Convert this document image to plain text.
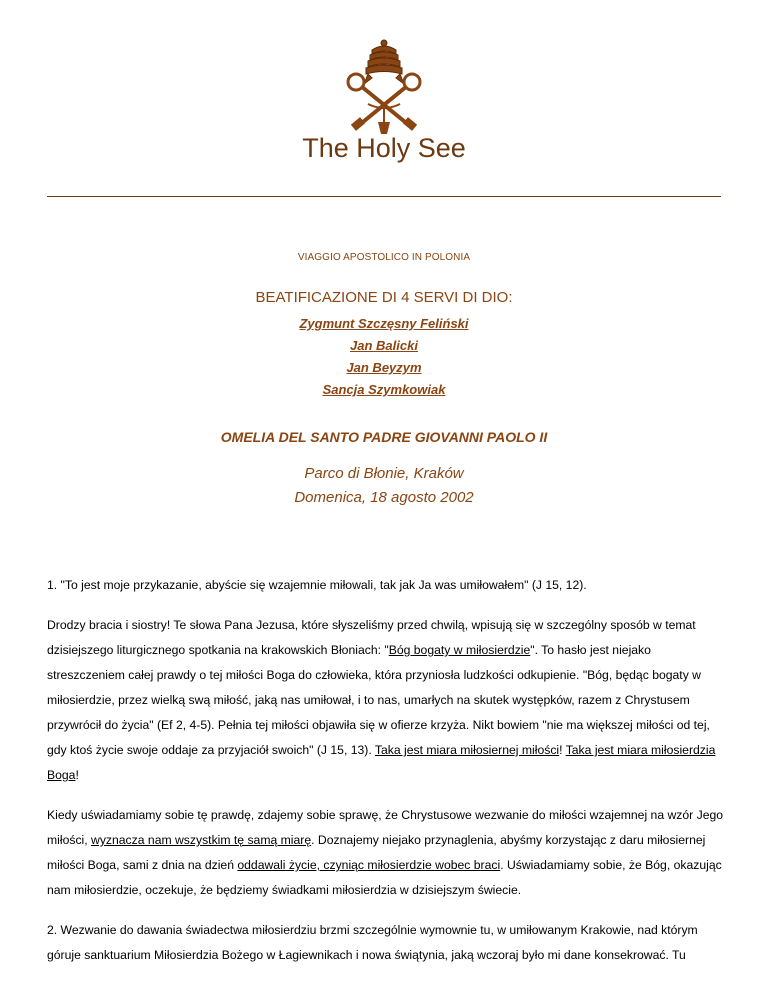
The Holy See
VIAGGIO APOSTOLICO IN POLONIA
BEATIFICAZIONE DI 4 SERVI DI DIO:
Zygmunt Szczęsny Feliński
Jan Balicki
Jan Beyzym
Sancja Szymkowiak
OMELIA DEL SANTO PADRE GIOVANNI PAOLO II
Parco di Błonie, Kraków
Domenica, 18 agosto 2002

1. "To jest moje przykazanie, abyście się wzajemnie miłowali, tak jak Ja was umiłowałem" (J 15, 12).

Drodzy bracia i siostry! Te słowa Pana Jezusa, które słyszeliśmy przed chwilą, wpisują się w szczególny sposób w temat dzisiejszego liturgicznego spotkania na krakowskich Błoniach: "Bóg bogaty w miłosierdzie". To hasło jest niejako streszczeniem całej prawdy o tej miłości Boga do człowieka, która przyniosła ludzkości odkupienie. "Bóg, będąc bogaty w miłosierdzie, przez wielką swą miłość, jaką nas umiłował, i to nas, umarłych na skutek występków, razem z Chrystusem przywrócił do życia" (Ef 2, 4-5). Pełnia tej miłości objawiła się w ofierze krzyża. Nikt bowiem "nie ma większej miłości od tej, gdy ktoś życie swoje oddaje za przyjaciół swoich" (J 15, 13). Taka jest miara miłosiernej miłości! Taka jest miara miłosierdzia Boga!

Kiedy uświadamiamy sobie tę prawdę, zdajemy sobie sprawę, że Chrystusowe wezwanie do miłości wzajemnej na wzór Jego miłości, wyznacza nam wszystkim tę samą miarę. Doznajemy niejako przynaglenia, abyśmy korzystając z daru miłosiernej miłości Boga, sami z dnia na dzień oddawali życie, czyniąc miłosierdzie wobec braci. Uświadamiamy sobie, że Bóg, okazując nam miłosierdzie, oczekuje, że będziemy świadkami miłosierdzia w dzisiejszym świecie.

2. Wezwanie do dawania świadectwa miłosierdziu brzmi szczególnie wymownie tu, w umiłowanym Krakowie, nad którym góruje sanktuarium Miłosierdzia Bożego w Łagiewnikach i nowa świątynia, jaką wczoraj było mi dane konsekrować. Tu
